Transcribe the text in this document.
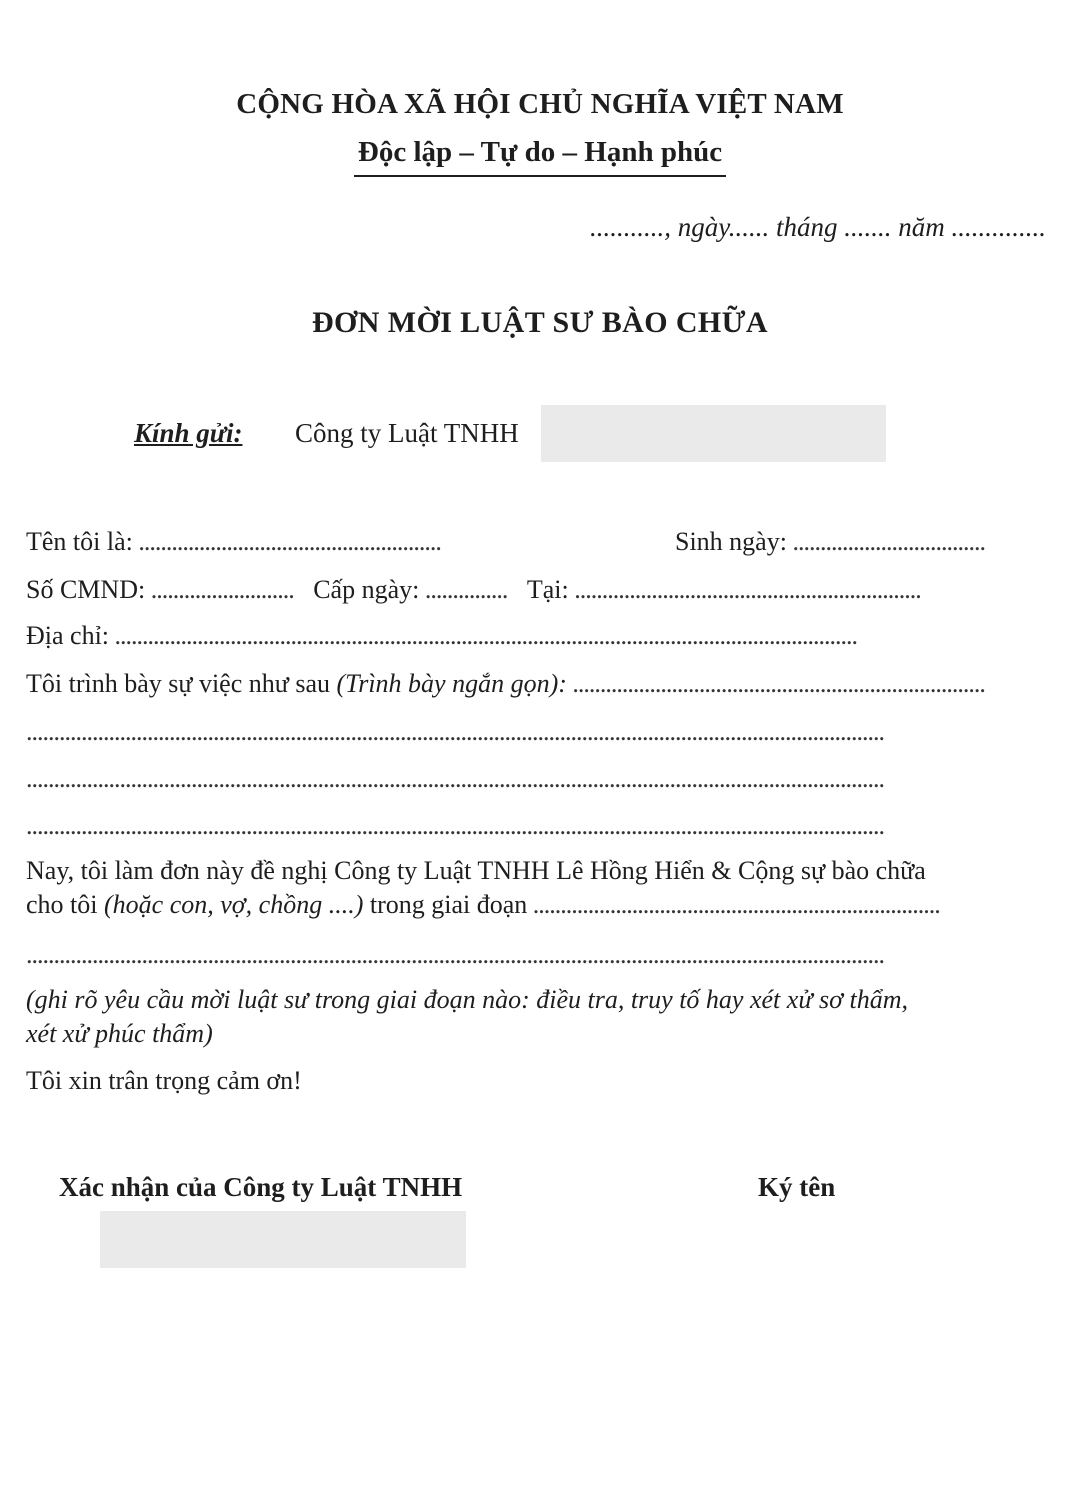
CỘNG HÒA XÃ HỘI CHỦ NGHĨA VIỆT NAM
Độc lập – Tự do – Hạnh phúc
..........., ngày...... tháng ....... năm ..............
ĐƠN MỜI LUẬT SƯ BÀO CHỮA
Kính gửi: Công ty Luật TNHH
Tên tôi là: .......................................................	Sinh ngày: ...................................
Số CMND: .......................... Cấp ngày: ............... Tại: ...............................................................
Địa chỉ: .......................................................................................................................................
Tôi trình bày sự việc như sau (Trình bày ngắn gọn): ...........................................................................
............................................................................................................................................................
............................................................................................................................................................
............................................................................................................................................................
Nay, tôi làm đơn này đề nghị Công ty Luật TNHH Lê Hồng Hiển & Cộng sự bào chữa
cho tôi (hoặc con, vợ, chồng ....) trong giai đoạn ..........................................................................
............................................................................................................................................................
(ghi rõ yêu cầu mời luật sư trong giai đoạn nào: điều tra, truy tố hay xét xử sơ thẩm,
xét xử phúc thẩm)
Tôi xin trân trọng cảm ơn!
Xác nhận của Công ty Luật TNHH	Ký tên
